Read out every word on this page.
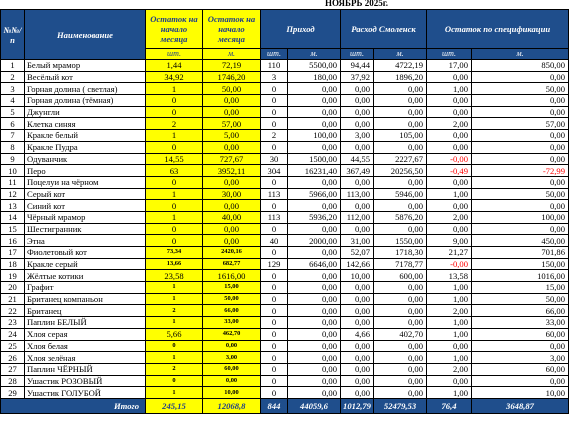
НОЯБРЬ 2025г.
№№/п	Наименование	Остаток на начало месяца	Остаток на начало месяца	Приход		Расход Смоленск		Остаток по спецификации	
		шт.	м.	шт.	м.	шт.	м.	шт.	м.
1	Белый мрамор	1,44	72,19	110	5500,00	94,44	4722,19	17,00	850,00
2	Весёлый кот	34,92	1746,20	3	180,00	37,92	1896,20	0,00	0,00
3	Горная долина ( светлая)	1	50,00	0	0,00	0,00	0,00	1,00	50,00
4	Горная долина (тёмная)	0	0,00	0	0,00	0,00	0,00	0,00	0,00
5	Джунгли	0	0,00	0	0,00	0,00	0,00	0,00	0,00
6	Клетка синяя	2	57,00	0	0,00	0,00	0,00	2,00	57,00
7	Кракле белый	1	5,00	2	100,00	3,00	105,00	0,00	0,00
8	Кракле Пудра	0	0,00	0	0,00	0,00	0,00	0,00	0,00
9	Одуванчик	14,55	727,67	30	1500,00	44,55	2227,67	-0,00	0,00
10	Перо	63	3952,11	304	16231,40	367,49	20256,50	-0,49	-72,99
11	Поцелуи на чёрном	0	0,00	0	0,00	0,00	0,00	0,00	0,00
12	Серый кот	1	30,00	113	5966,00	113,00	5946,00	1,00	50,00
13	Синий кот	0	0,00	0	0,00	0,00	0,00	0,00	0,00
14	Чёрный мрамор	1	40,00	113	5936,20	112,00	5876,20	2,00	100,00
15	Шестигранник	0	0,00	0	0,00	0,00	0,00	0,00	0,00
16	Этна	0	0,00	40	2000,00	31,00	1550,00	9,00	450,00
17	Фиолетовый кот	73,34	2420,16	0	0,00	52,07	1718,30	21,27	701,86
18	Кракле серый	13,66	682,77	129	6646,00	142,66	7178,77	-0,00	150,00
19	Жёлтые котики	23,58	1616,00	0	0,00	10,00	600,00	13,58	1016,00
20	Графит	1	15,00	0	0,00	0,00	0,00	1,00	15,00
21	Британец компаньон	1	50,00	0	0,00	0,00	0,00	1,00	50,00
22	Британец	2	66,00	0	0,00	0,00	0,00	2,00	66,00
23	Паплин БЕЛЫЙ	1	33,00	0	0,00	0,00	0,00	1,00	33,00
24	Хлоя серая	5,66	462,70	0	0,00	4,66	402,70	1,00	60,00
25	Хлоя белая	0	0,00	0	0,00	0,00	0,00	0,00	0,00
26	Хлоя зелёная	1	3,00	0	0,00	0,00	0,00	1,00	3,00
27	Паплин ЧЁРНЫЙ	2	60,00	0	0,00	0,00	0,00	2,00	60,00
28	Ушастик РОЗОВЫЙ	0	0,00	0	0,00	0,00	0,00	0,00	0,00
29	Ушастик ГОЛУБОЙ	1	10,00	0	0,00	0,00	0,00	1,00	10,00
Итого		245,15	12068,8	844	44059,6	1012,79	52479,53	76,4	3648,87
